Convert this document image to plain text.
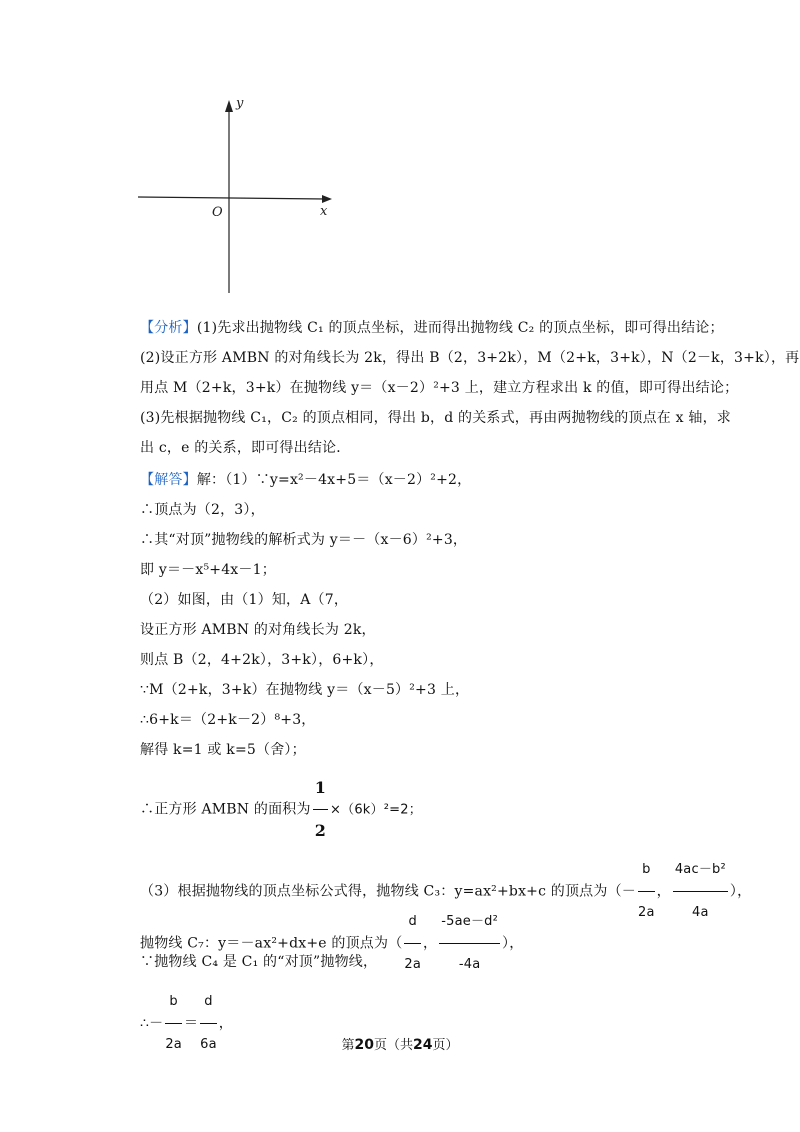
x
y
O
【分析】(1)先求出抛物线 C₁ 的顶点坐标，进而得出抛物线 C₂ 的顶点坐标，即可得出结论；
(2)设正方形 AMBN 的对角线长为 2k，得出 B（2，3+2k），M（2+k，3+k），N（2－k，3+k），再
用点 M（2+k，3+k）在抛物线 y＝（x－2）²+3 上，建立方程求出 k 的值，即可得出结论；
(3)先根据抛物线 C₁，C₂ 的顶点相同，得出 b，d 的关系式，再由两抛物线的顶点在 x 轴，求
出 c，e 的关系，即可得出结论．
【解答】解：（1）∵y=x²－4x+5＝（x－2）²+2，
∴顶点为（2，3），
∴其“对顶”抛物线的解析式为 y＝－（x－6）²+3，
即 y＝－x⁵+4x－1；
（2）如图，由（1）知，A（7，
设正方形 AMBN 的对角线长为 2k，
则点 B（2，4+2k），3+k），6+k），
∵M（2+k，3+k）在抛物线 y＝（x－5）²+3 上，
∴6+k＝（2+k－2）⁸+3，
解得 k=1 或 k=5（舍）；
∴正方形 AMBN 的面积为 $\frac{1}{2} \times(6k)^2=2$；
（3）根据抛物线的顶点坐标公式得，抛物线 C₃：y=ax²+bx+c 的顶点为（－ $\frac{b}{2a}$ ， $\frac{\text{4ac－b²}}{4a}$ ），
抛物线 C₇：y＝－ax²+dx+e 的顶点为（ $\frac{d}{2a}$ ， $\frac{\text{-5ae－d²}}{-4a}$ ），
∵抛物线 C₄ 是 C₁ 的“对顶”抛物线，
∴－ $\frac{b}{2a} = \frac{d}{6a}$ ，
第20页（共24页）
